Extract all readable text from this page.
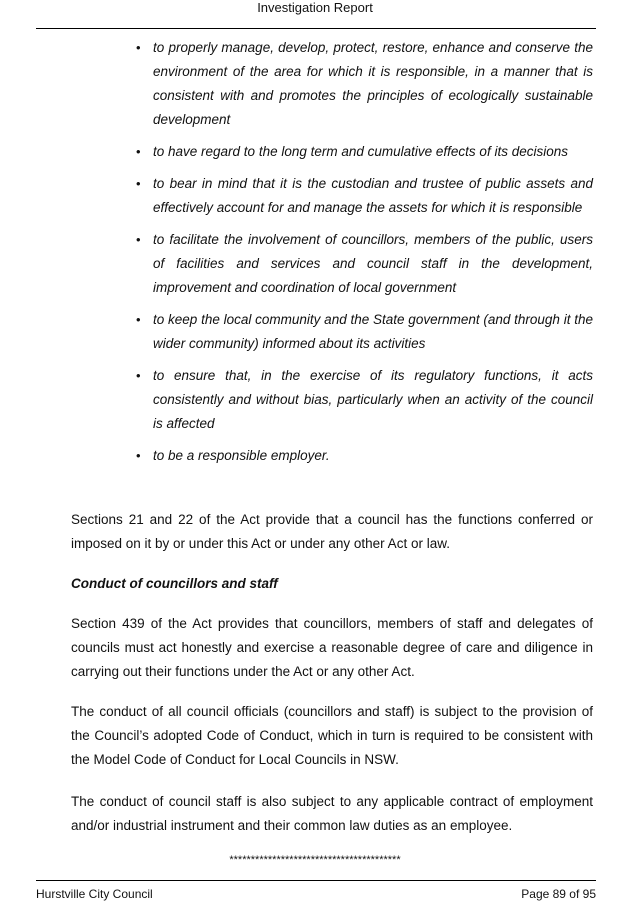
Investigation Report
• to properly manage, develop, protect, restore, enhance and conserve the environment of the area for which it is responsible, in a manner that is consistent with and promotes the principles of ecologically sustainable development
• to have regard to the long term and cumulative effects of its decisions
• to bear in mind that it is the custodian and trustee of public assets and effectively account for and manage the assets for which it is responsible
• to facilitate the involvement of councillors, members of the public, users of facilities and services and council staff in the development, improvement and coordination of local government
• to keep the local community and the State government (and through it the wider community) informed about its activities
• to ensure that, in the exercise of its regulatory functions, it acts consistently and without bias, particularly when an activity of the council is affected
• to be a responsible employer.

Sections 21 and 22 of the Act provide that a council has the functions conferred or imposed on it by or under this Act or under any other Act or law.

Conduct of councillors and staff

Section 439 of the Act provides that councillors, members of staff and delegates of councils must act honestly and exercise a reasonable degree of care and diligence in carrying out their functions under the Act or any other Act.

The conduct of all council officials (councillors and staff) is subject to the provision of the Council’s adopted Code of Conduct, which in turn is required to be consistent with the Model Code of Conduct for Local Councils in NSW.

The conduct of council staff is also subject to any applicable contract of employment and/or industrial instrument and their common law duties as an employee.

****************************************
Hurstville City Council	Page 89 of 95
